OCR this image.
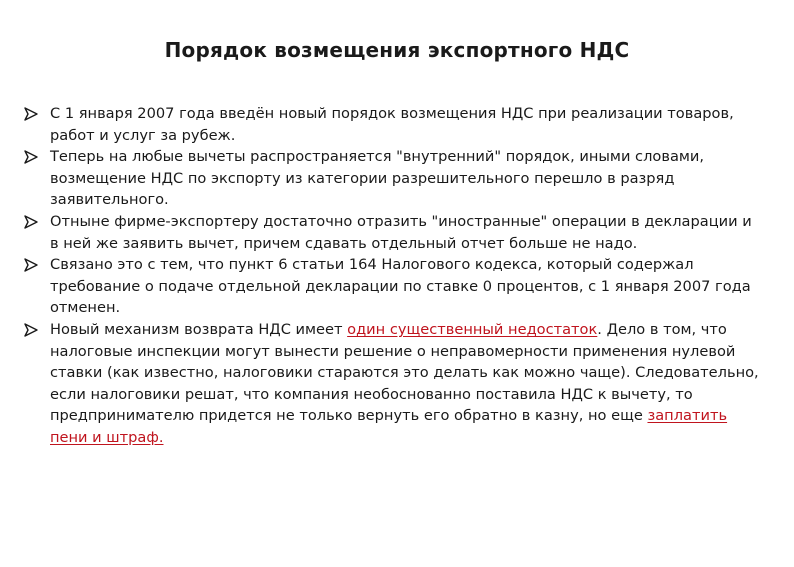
Порядок возмещения экспортного НДС
С 1 января 2007 года введён новый порядок возмещения НДС при реализации товаров, работ и услуг за рубеж.
Теперь на любые вычеты распространяется "внутренний" порядок, иными словами, возмещение НДС по экспорту из категории разрешительного перешло в разряд заявительного.
Отныне фирме-экспортеру достаточно отразить "иностранные" операции в декларации и в ней же заявить вычет, причем сдавать отдельный отчет больше не надо.
Связано это с тем, что пункт 6 статьи 164 Налогового кодекса, который содержал требование о подаче отдельной декларации по ставке 0 процентов, с 1 января 2007 года отменен.
Новый механизм возврата НДС имеет один существенный недостаток. Дело в том, что налоговые инспекции могут вынести решение о неправомерности применения нулевой ставки (как известно, налоговики стараются это делать как можно чаще). Следовательно, если налоговики решат, что компания необоснованно поставила НДС к вычету, то предпринимателю придется не только вернуть его обратно в казну, но еще заплатить пени и штраф.
